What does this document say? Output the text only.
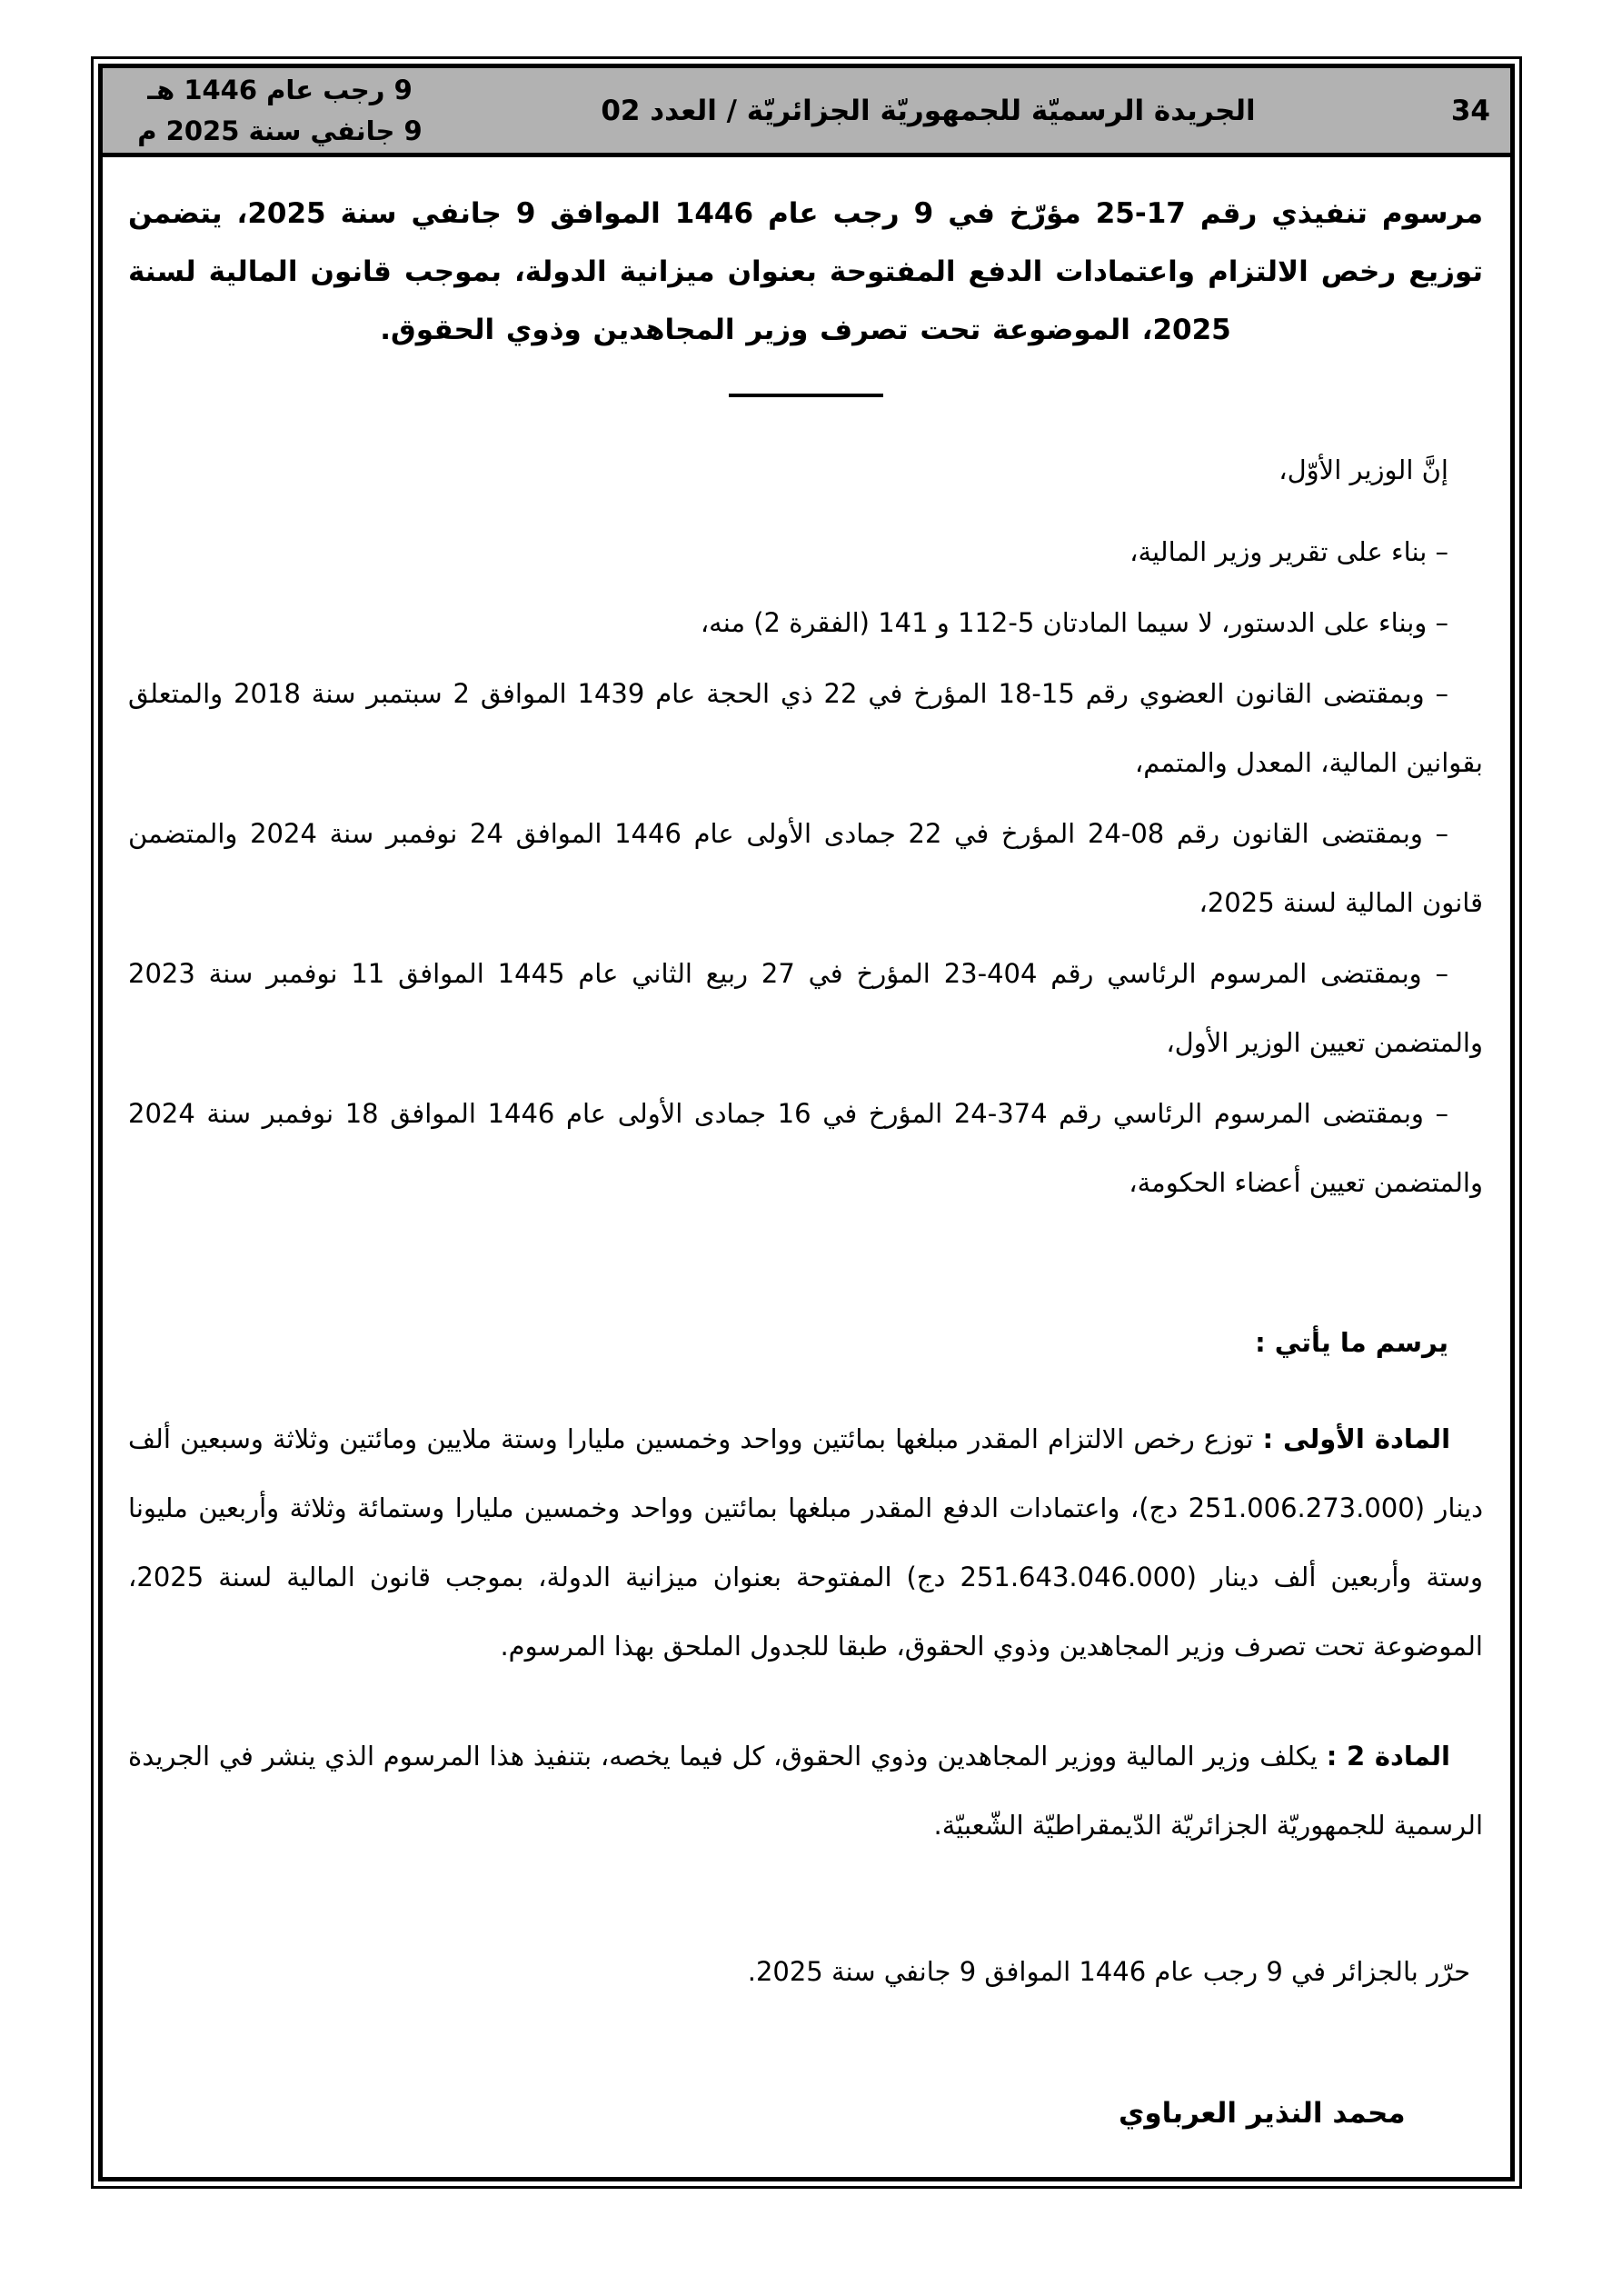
34
الجريدة الرسميّة للجمهوريّة الجزائريّة / العدد 02
9 رجب عام 1446 هـ
9 جانفي سنة 2025 م

مرسوم تنفيذي رقم 17-25 مؤرّخ في 9 رجب عام 1446 الموافق 9 جانفي سنة 2025، يتضمن توزيع رخص الالتزام واعتمادات الدفع المفتوحة بعنوان ميزانية الدولة، بموجب قانون المالية لسنة 2025، الموضوعة تحت تصرف وزير المجاهدين وذوي الحقوق.

إنَّ الوزير الأوّل،

– بناء على تقرير وزير المالية،

– وبناء على الدستور، لا سيما المادتان 5-112 و 141 (الفقرة 2) منه،

– وبمقتضى القانون العضوي رقم 15-18 المؤرخ في 22 ذي الحجة عام 1439 الموافق 2 سبتمبر سنة 2018 والمتعلق بقوانين المالية، المعدل والمتمم،

– وبمقتضى القانون رقم 08-24 المؤرخ في 22 جمادى الأولى عام 1446 الموافق 24 نوفمبر سنة 2024 والمتضمن قانون المالية لسنة 2025،

– وبمقتضى المرسوم الرئاسي رقم 404-23 المؤرخ في 27 ربيع الثاني عام 1445 الموافق 11 نوفمبر سنة 2023 والمتضمن تعيين الوزير الأول،

– وبمقتضى المرسوم الرئاسي رقم 374-24 المؤرخ في 16 جمادى الأولى عام 1446 الموافق 18 نوفمبر سنة 2024 والمتضمن تعيين أعضاء الحكومة،

يرسم ما يأتي :

المادة الأولى : توزع رخص الالتزام المقدر مبلغها بمائتين وواحد وخمسين مليارا وستة ملايين ومائتين وثلاثة وسبعين ألف دينار (251.006.273.000 دج)، واعتمادات الدفع المقدر مبلغها بمائتين وواحد وخمسين مليارا وستمائة وثلاثة وأربعين مليونا وستة وأربعين ألف دينار (251.643.046.000 دج) المفتوحة بعنوان ميزانية الدولة، بموجب قانون المالية لسنة 2025، الموضوعة تحت تصرف وزير المجاهدين وذوي الحقوق، طبقا للجدول الملحق بهذا المرسوم.

المادة 2 : يكلف وزير المالية ووزير المجاهدين وذوي الحقوق، كل فيما يخصه، بتنفيذ هذا المرسوم الذي ينشر في الجريدة الرسمية للجمهوريّة الجزائريّة الدّيمقراطيّة الشّعبيّة.

حرّر بالجزائر في 9 رجب عام 1446 الموافق 9 جانفي سنة 2025.

محمد النذير العرباوي
